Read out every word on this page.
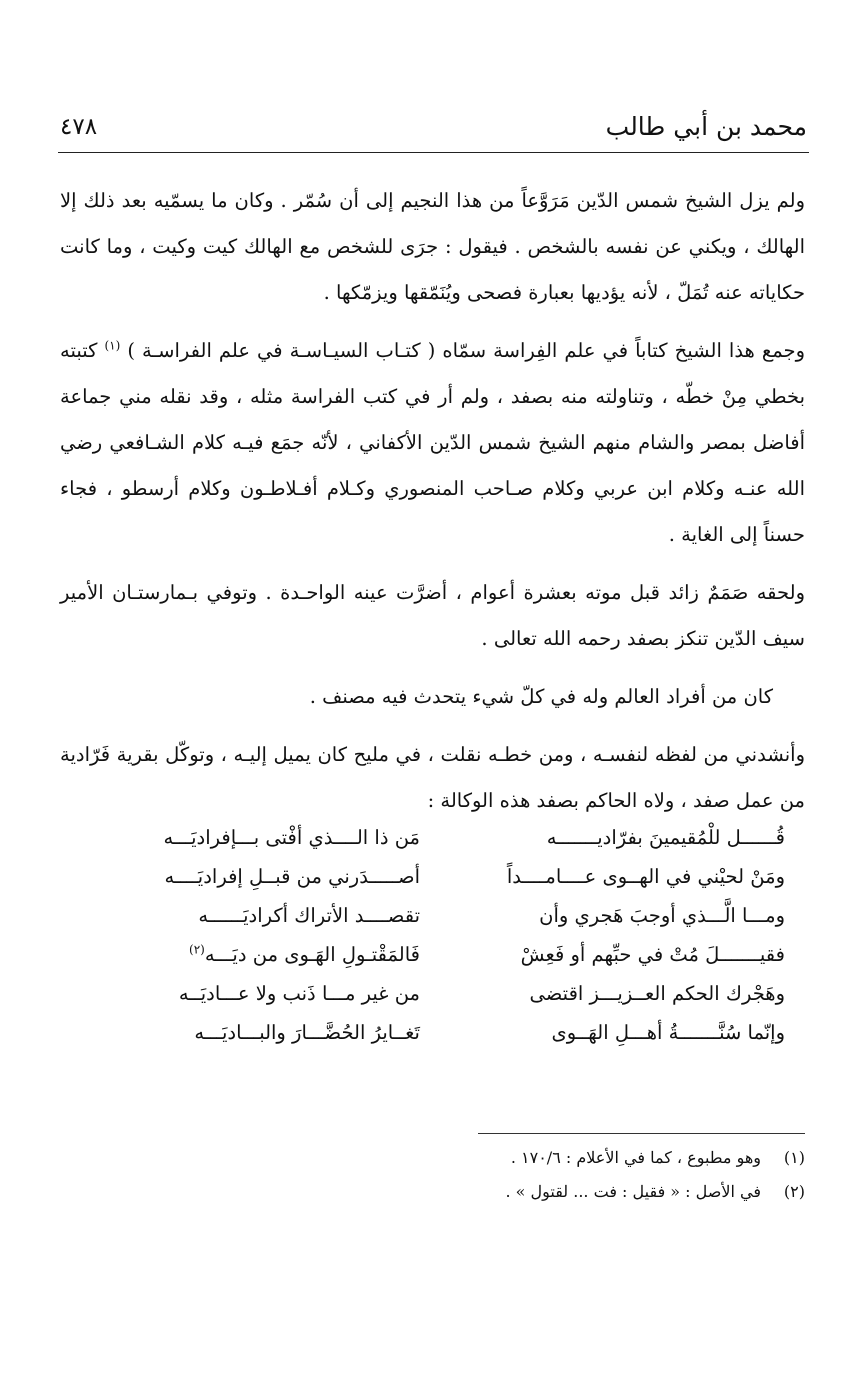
محمد بن أبي طالب
٤٧٨

ولم يزل الشيخ شمس الدّين مَرَوَّعاً من هذا النجيم إلى أن سُمّر . وكان ما يسمّيه بعد ذلك إلا الهالك ، ويكني عن نفسه بالشخص . فيقول : جرَى للشخص مع الهالك كيت وكيت ، وما كانت حكاياته عنه تُمَلّ ، لأنه يؤديها بعبارة فصحى ويُنَمّقها ويزمّكها .

وجمع هذا الشيخ كتاباً في علم الفِراسة سمّاه ( كتـاب السيـاسـة في علم الفراسـة ) $^{(١)}$ كتبته بخطي مِنْ خطّه ، وتناولته منه بصفد ، ولم أر في كتب الفراسة مثله ، وقد نقله مني جماعة أفاضل بمصر والشام منهم الشيخ شمس الدّين الأكفاني ، لأنّه جمَع فيـه كلام الشـافعي رضي الله عنـه وكلام ابن عربي وكلام صـاحب المنصوري وكـلام أفـلاطـون وكلام أرسطو ، فجاء حسناً إلى الغاية .

ولحقه صَمَمٌ زائد قبل موته بعشرة أعوام ، أضرَّت عينه الواحـدة . وتوفي بـمارستـان الأمير سيف الدّين تنكز بصفد رحمه الله تعالى .

كان من أفراد العالم وله في كلّ شيء يتحدث فيه مصنف .

وأنشدني من لفظه لنفسـه ، ومن خطـه نقلت ، في مليح كان يميل إليـه ، وتوكّل بقرية فَرّادية من عمل صفد ، ولاه الحاكم بصفد هذه الوكالة :

قُــــــل للْمُقيمينَ بفرّاديـــــــه
مَن ذا الــــذي أفْتى بـــإفراديَـــه
ومَنْ لحيْني في الهــوى عــــامــــداً
أصـــــدَرني من قبــلِ إفراديَــــه
ومـــا الَّـــذي أوجبَ هَجري وأن
تقصــــد الأتراك أكراديَــــــه
فقيـــــــلَ مُتْ في حبِّهم أو فَعِشْ
فَالمَقْتـولِ الهَـوى من ديَـــه$^{(٢)}$
وهَجْرك الحكم العــزيـــز اقتضى
من غير مـــا ذَنب ولا عـــاديَــه
وإنّما سُنَّـــــــةُ أهـــلِ الهَــوى
تَغــايرُ الحُضَّـــارَ والبـــاديَـــه
(١)
وهو مطبوع ، كما في الأعلام : ١٧٠/٦ .
(٢)
في الأصل : « فقيل : فت ... لقتول » .
